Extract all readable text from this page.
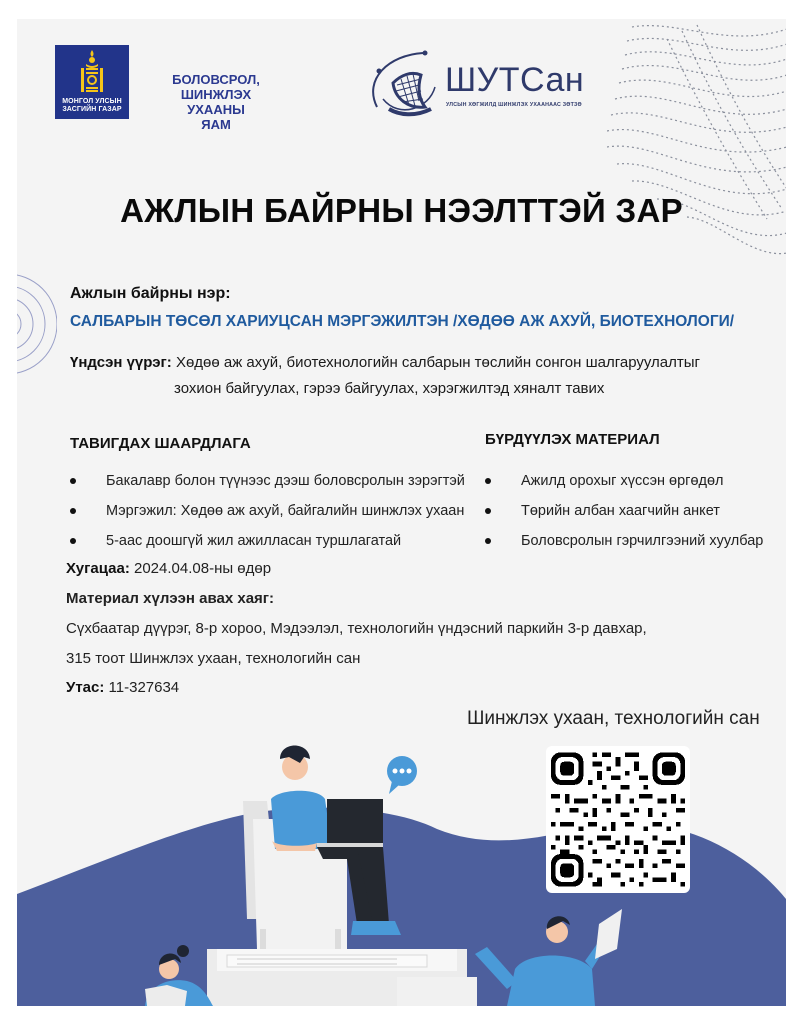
МОНГОЛ УЛСЫН
ЗАСГИЙН ГАЗАР
БОЛОВСРОЛ,
ШИНЖЛЭХ УХААНЫ
ЯАМ
ШУТСан
УЛСЫН ХӨГЖИЛД ШИНЖЛЭХ УХААНААС ЗӨТЗӨ
АЖЛЫН БАЙРНЫ НЭЭЛТТЭЙ ЗАР
Ажлын байрны нэр:
САЛБАРЫН ТӨСӨЛ ХАРИУЦСАН МЭРГЭЖИЛТЭН /ХӨДӨӨ АЖ АХУЙ, БИОТЕХНОЛОГИ/
Үндсэн үүрэг: Хөдөө аж ахуй, биотехнологийн салбарын төслийн сонгон шалгаруулалтыг
зохион байгуулах, гэрээ байгуулах, хэрэгжилтэд хяналт тавих
ТАВИГДАХ ШААРДЛАГА
Бакалавр болон түүнээс дээш боловсролын зэрэгтэй
Мэргэжил: Хөдөө аж ахуй, байгалийн шинжлэх ухаан
5-аас доошгүй жил ажилласан туршлагатай
БҮРДҮҮЛЭХ МАТЕРИАЛ
Ажилд орохыг хүссэн өргөдөл
Төрийн албан хаагчийн анкет
Боловсролын гэрчилгээний хуулбар
Хугацаа: 2024.04.08-ны өдөр
Материал хүлээн авах хаяг:
Сүхбаатар дүүрэг, 8-р хороо, Мэдээлэл, технологийн үндэсний паркийн 3-р давхар,
315 тоот Шинжлэх ухаан, технологийн сан
Утас: 11-327634
Шинжлэх ухаан, технологийн сан
